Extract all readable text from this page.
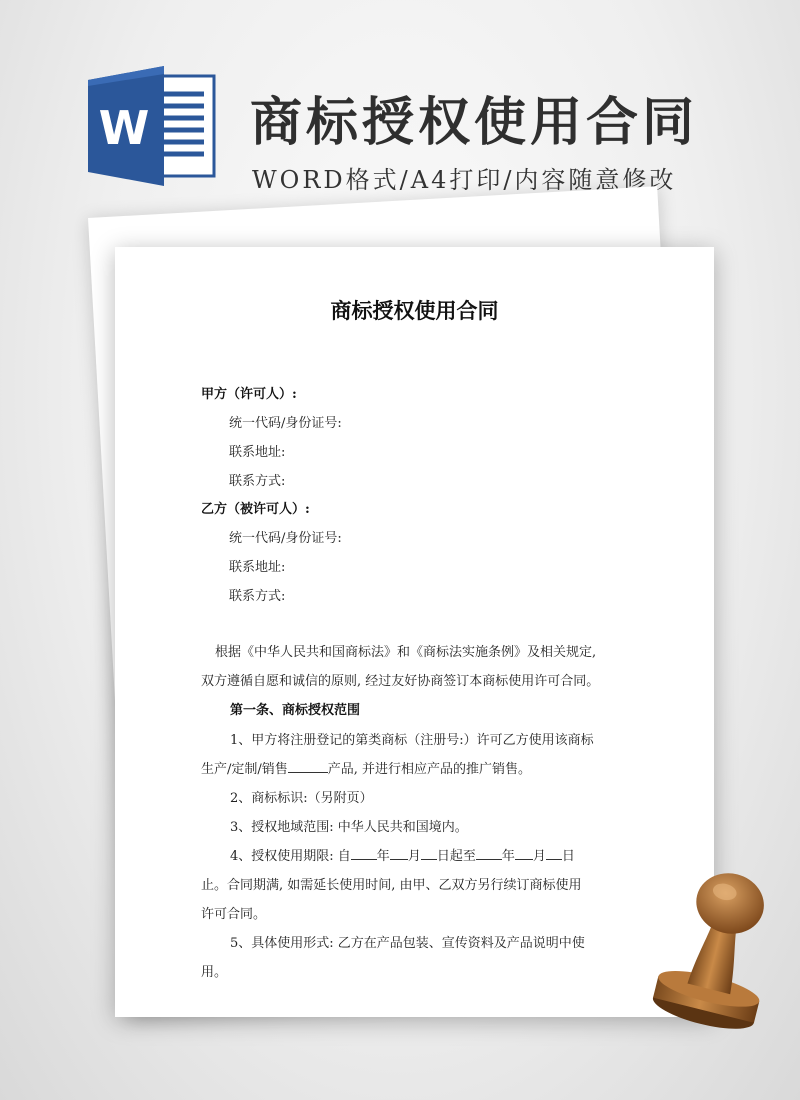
W 商标授权使用合同
WORD格式/A4打印/内容随意修改
商标授权使用合同
甲方（许可人）:
统一代码/身份证号:
联系地址:
联系方式:
乙方（被许可人）:
统一代码/身份证号:
联系地址:
联系方式:
根据《中华人民共和国商标法》和《商标法实施条例》及相关规定,
双方遵循自愿和诚信的原则, 经过友好协商签订本商标使用许可合同。
第一条、商标授权范围
1、甲方将注册登记的第类商标（注册号:）许可乙方使用该商标
生产/定制/销售	产品, 并进行相应产品的推广销售。
2、商标标识:（另附页）
3、授权地域范围: 中华人民共和国境内。
4、授权使用期限: 自 年 月 日起至 年 月 日
止。合同期满, 如需延长使用时间, 由甲、乙双方另行续订商标使用
许可合同。
5、具体使用形式: 乙方在产品包装、宣传资料及产品说明中使
用。
